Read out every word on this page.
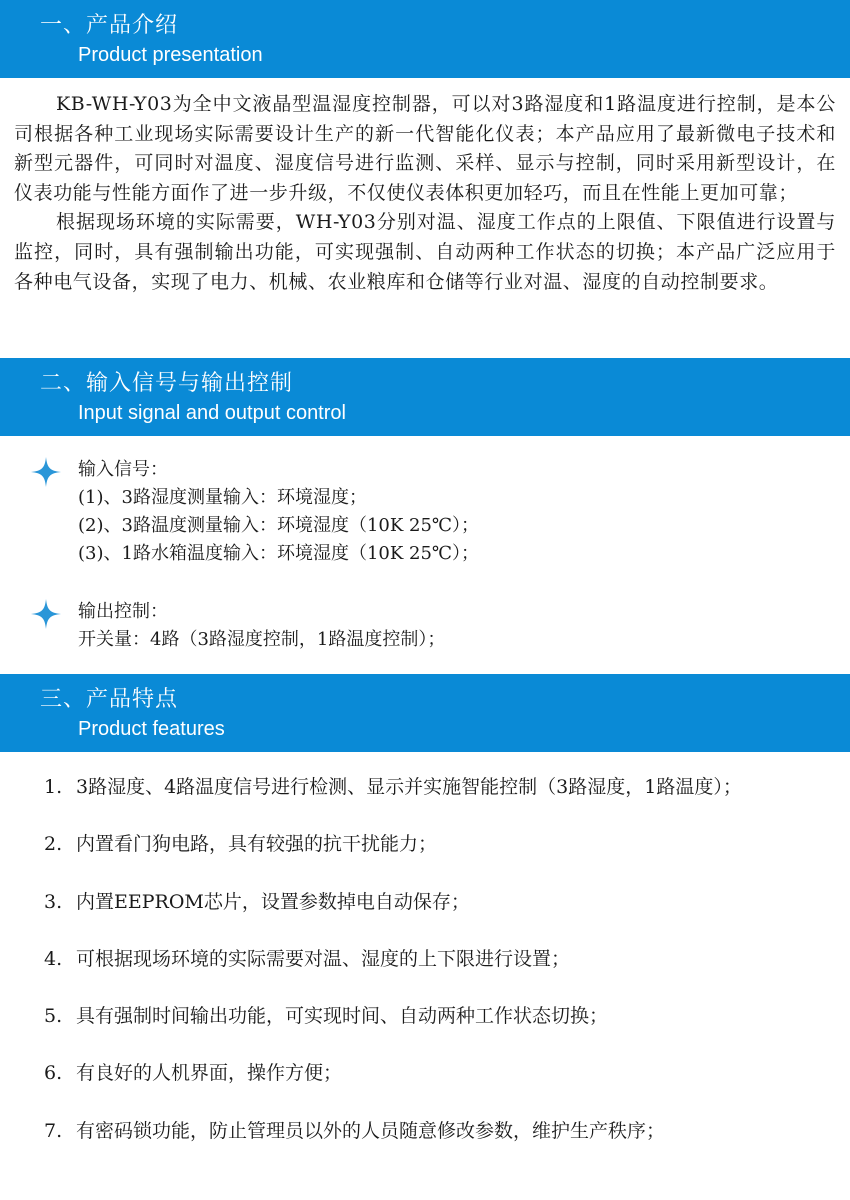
一、产品介绍
Product presentation

KB-WH-Y03为全中文液晶型温湿度控制器，可以对3路湿度和1路温度进行控制，是本公司根据各种工业现场实际需要设计生产的新一代智能化仪表；本产品应用了最新微电子技术和新型元器件，可同时对温度、湿度信号进行监测、采样、显示与控制，同时采用新型设计，在仪表功能与性能方面作了进一步升级，不仅使仪表体积更加轻巧，而且在性能上更加可靠；

根据现场环境的实际需要，WH-Y03分别对温、湿度工作点的上限值、下限值进行设置与监控，同时，具有强制输出功能，可实现强制、自动两种工作状态的切换；本产品广泛应用于各种电气设备，实现了电力、机械、农业粮库和仓储等行业对温、湿度的自动控制要求。

二、输入信号与输出控制
Input signal and output control
输入信号：
(1)、3路湿度测量输入：环境湿度；
(2)、3路温度测量输入：环境湿度（10K 25℃）；
(3)、1路水箱温度输入：环境湿度（10K 25℃）；
输出控制：
开关量：4路（3路湿度控制，1路温度控制）；
三、产品特点
Product features
1. 3路湿度、4路温度信号进行检测、显示并实施智能控制（3路湿度，1路温度）；
2. 内置看门狗电路，具有较强的抗干扰能力；
3. 内置EEPROM芯片，设置参数掉电自动保存；
4. 可根据现场环境的实际需要对温、湿度的上下限进行设置；
5. 具有强制时间输出功能，可实现时间、自动两种工作状态切换；
6. 有良好的人机界面，操作方便；
7. 有密码锁功能，防止管理员以外的人员随意修改参数，维护生产秩序；
